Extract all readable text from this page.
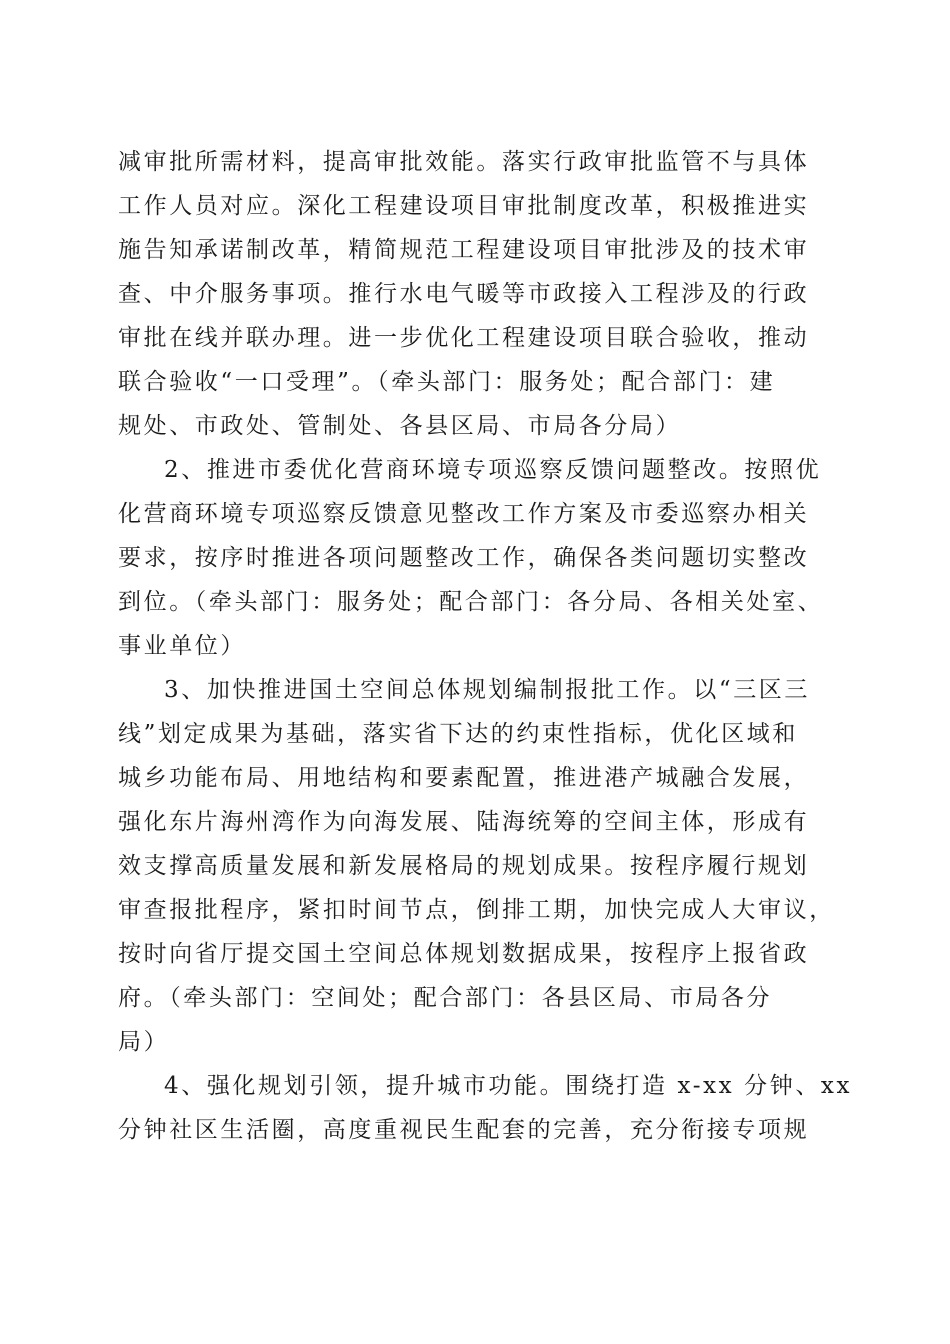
减审批所需材料，提高审批效能。落实行政审批监管不与具体
工作人员对应。深化工程建设项目审批制度改革，积极推进实
施告知承诺制改革，精简规范工程建设项目审批涉及的技术审
查、中介服务事项。推行水电气暖等市政接入工程涉及的行政
审批在线并联办理。进一步优化工程建设项目联合验收，推动
联合验收“一口受理”。（牵头部门：服务处；配合部门：建
规处、市政处、管制处、各县区局、市局各分局）
2、推进市委优化营商环境专项巡察反馈问题整改。按照优
化营商环境专项巡察反馈意见整改工作方案及市委巡察办相关
要求，按序时推进各项问题整改工作，确保各类问题切实整改
到位。（牵头部门：服务处；配合部门：各分局、各相关处室、
事业单位）
3、加快推进国土空间总体规划编制报批工作。以“三区三
线”划定成果为基础，落实省下达的约束性指标，优化区域和
城乡功能布局、用地结构和要素配置，推进港产城融合发展，
强化东片海州湾作为向海发展、陆海统筹的空间主体，形成有
效支撑高质量发展和新发展格局的规划成果。按程序履行规划
审查报批程序，紧扣时间节点，倒排工期，加快完成人大审议，
按时向省厅提交国土空间总体规划数据成果，按程序上报省政
府。（牵头部门：空间处；配合部门：各县区局、市局各分
局）
4、强化规划引领，提升城市功能。围绕打造 x-xx 分钟、xx
分钟社区生活圈，高度重视民生配套的完善，充分衔接专项规
